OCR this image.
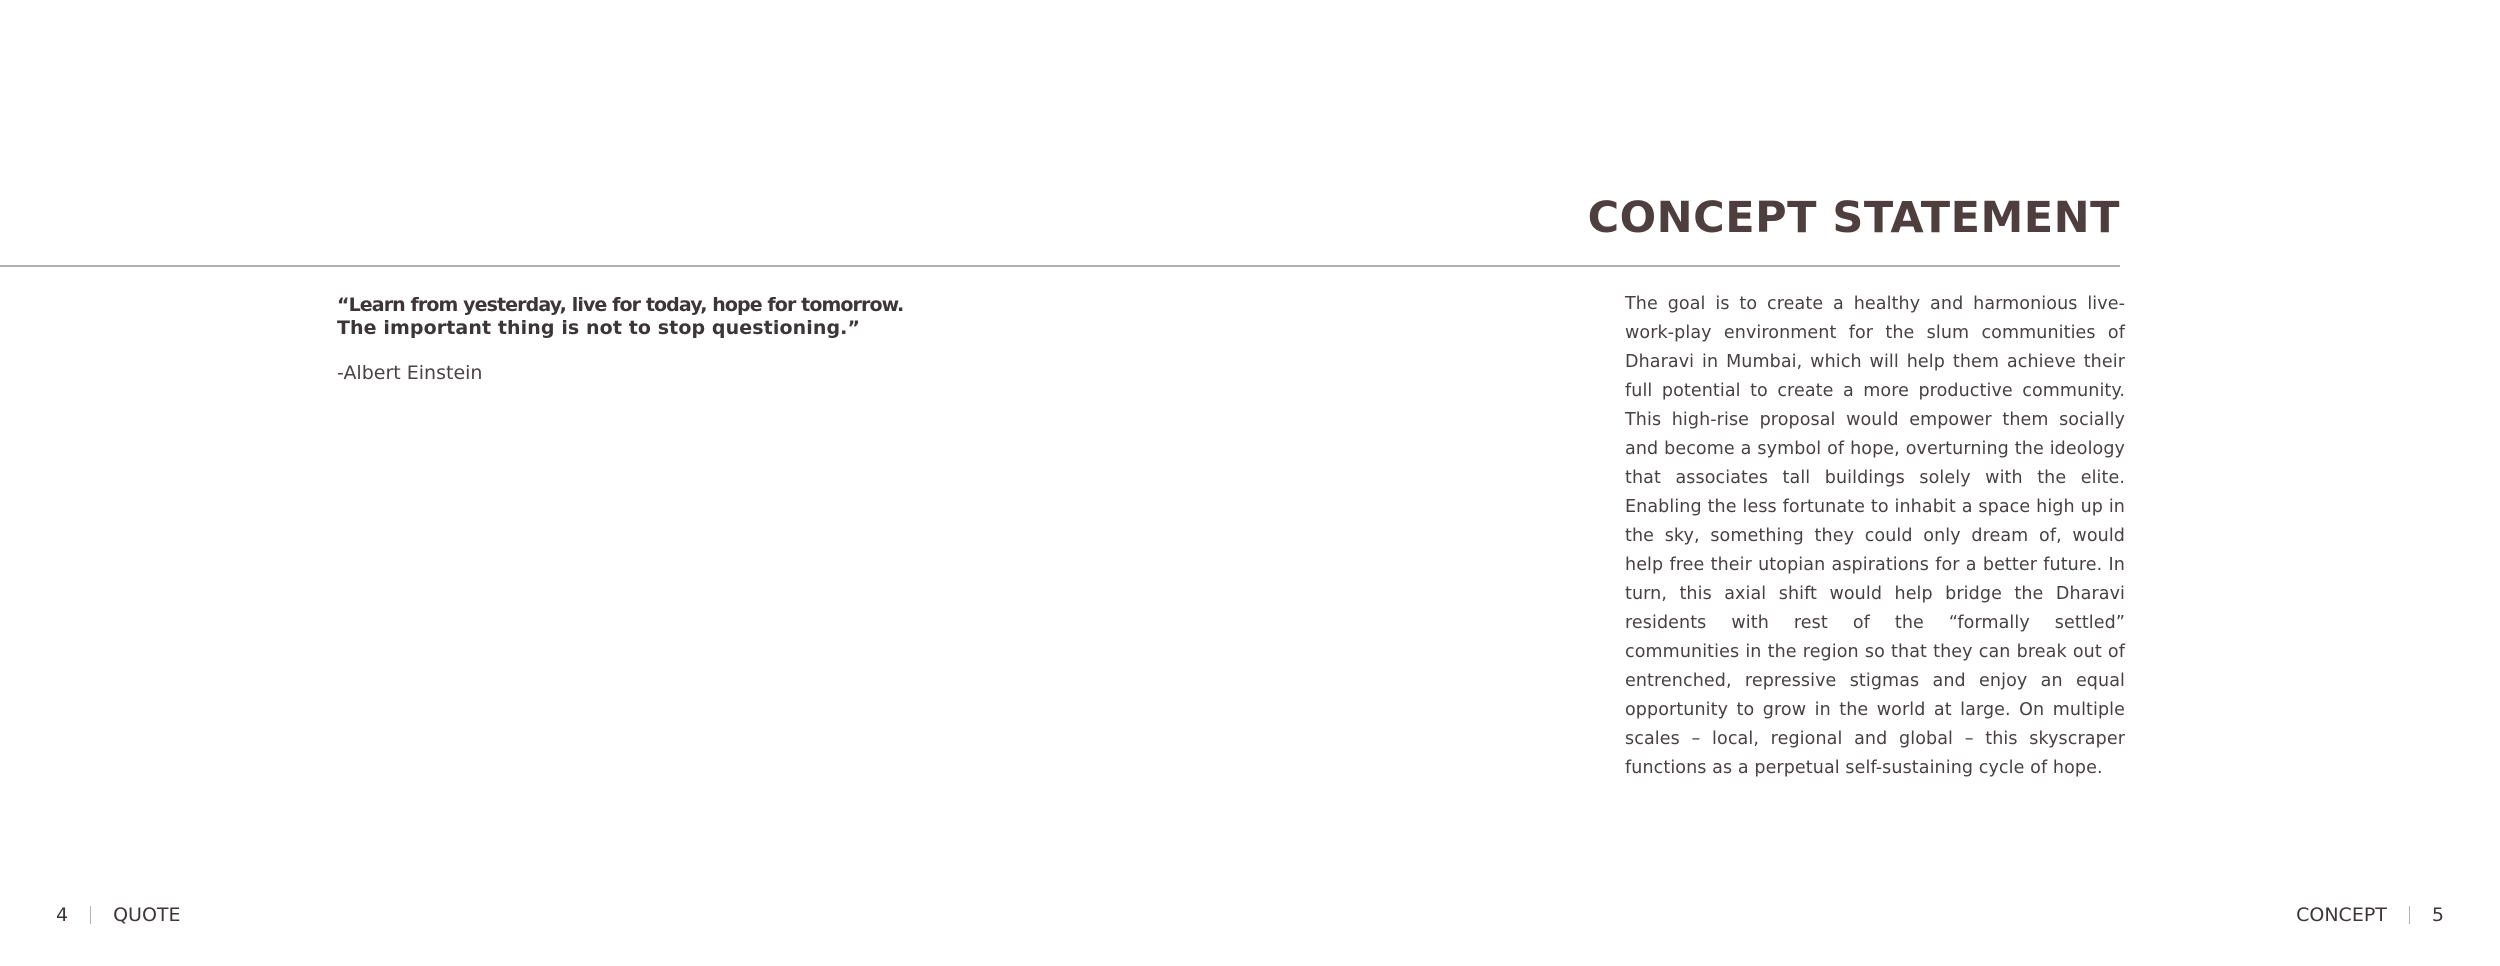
CONCEPT STATEMENT

“Learn from yesterday, live for today, hope for tomorrow.
The important thing is not to stop questioning.”

-Albert Einstein

The goal is to create a healthy and harmonious live-work-play environment for the slum communities of Dharavi in Mumbai, which will help them achieve their full potential to create a more productive community. This high-rise proposal would empower them socially and become a symbol of hope, overturning the ideology that associates tall buildings solely with the elite. Enabling the less fortunate to inhabit a space high up in the sky, something they could only dream of, would help free their utopian aspirations for a better future. In turn, this axial shift would help bridge the Dharavi residents with rest of the “formally settled” communities in the region so that they can break out of entrenched, repressive stigmas and enjoy an equal opportunity to grow in the world at large. On multiple scales – local, regional and global – this skyscraper functions as a perpetual self-sustaining cycle of hope.

4 QUOTE	CONCEPT 5
